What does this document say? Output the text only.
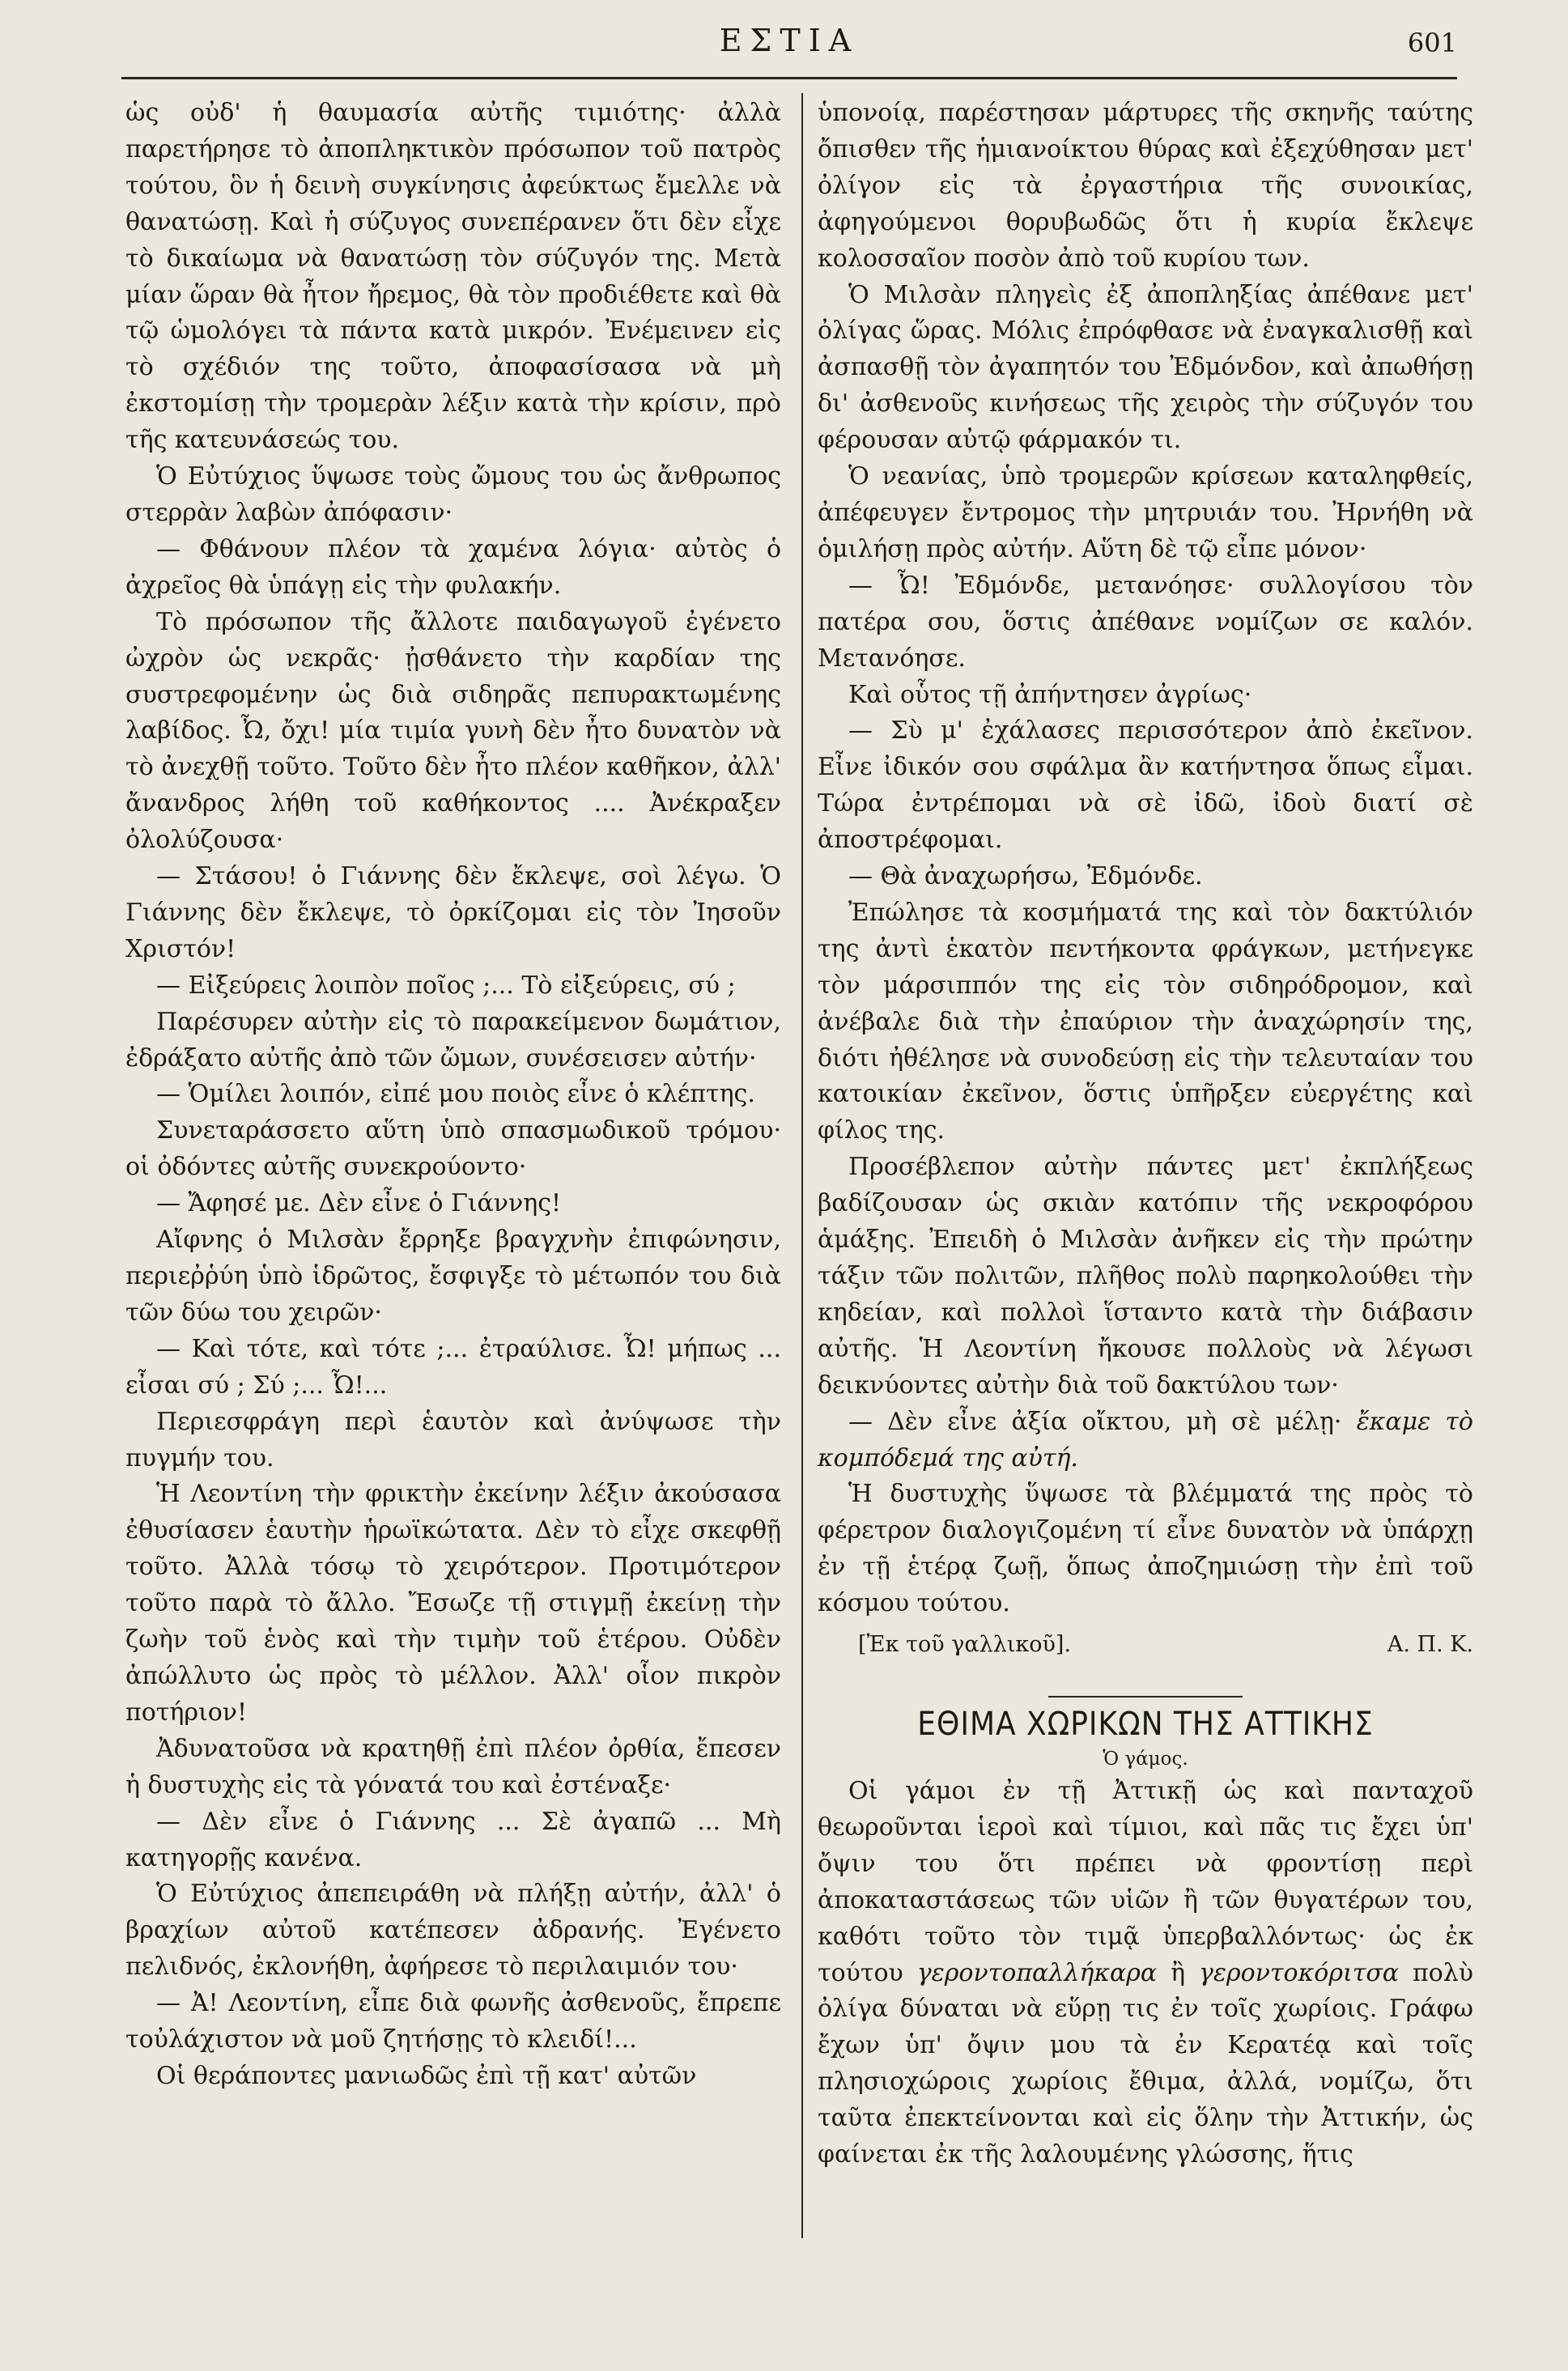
ΕΣΤΙΑ	601

ὡς οὐδ' ἡ θαυμασία αὐτῆς τιμιότης· ἀλλὰ παρετήρησε τὸ ἀποπληκτικὸν πρόσωπον τοῦ πατρὸς τούτου, ὃν ἡ δεινὴ συγκίνησις ἀφεύκτως ἔμελλε νὰ θανατώσῃ. Καὶ ἡ σύζυγος συνεπέρανεν ὅτι δὲν εἶχε τὸ δικαίωμα νὰ θανατώσῃ τὸν σύζυγόν της. Μετὰ μίαν ὥραν θὰ ἦτον ἤρεμος, θὰ τὸν προδιέθετε καὶ θὰ τῷ ὡμολόγει τὰ πάντα κατὰ μικρόν. Ἐνέμεινεν εἰς τὸ σχέδιόν της τοῦτο, ἀποφασίσασα νὰ μὴ ἐκστομίσῃ τὴν τρομερὰν λέξιν κατὰ τὴν κρίσιν, πρὸ τῆς κατευνάσεώς του.

Ὁ Εὐτύχιος ὕψωσε τοὺς ὤμους του ὡς ἄνθρωπος στερρὰν λαβὼν ἀπόφασιν·

— Φθάνουν πλέον τὰ χαμένα λόγια· αὐτὸς ὁ ἀχρεῖος θὰ ὑπάγῃ εἰς τὴν φυλακήν.

Τὸ πρόσωπον τῆς ἄλλοτε παιδαγωγοῦ ἐγένετο ὠχρὸν ὡς νεκρᾶς· ᾐσθάνετο τὴν καρδίαν της συστρεφομένην ὡς διὰ σιδηρᾶς πεπυρακτωμένης λαβίδος. Ὦ, ὄχι! μία τιμία γυνὴ δὲν ἦτο δυνατὸν νὰ τὸ ἀνεχθῇ τοῦτο. Τοῦτο δὲν ἦτο πλέον καθῆκον, ἀλλ' ἄνανδρος λήθη τοῦ καθήκοντος .... Ἀνέκραξεν ὀλολύζουσα·

— Στάσου! ὁ Γιάννης δὲν ἔκλεψε, σοὶ λέγω. Ὁ Γιάννης δὲν ἔκλεψε, τὸ ὀρκίζομαι εἰς τὸν Ἰησοῦν Χριστόν!

— Εἰξεύρεις λοιπὸν ποῖος ;... Τὸ εἰξεύρεις, σύ ;

Παρέσυρεν αὐτὴν εἰς τὸ παρακείμενον δωμάτιον, ἐδράξατο αὐτῆς ἀπὸ τῶν ὤμων, συνέσεισεν αὐτήν·

— Ὁμίλει λοιπόν, εἰπέ μου ποιὸς εἶνε ὁ κλέπτης.

Συνεταράσσετο αὕτη ὑπὸ σπασμωδικοῦ τρόμου· οἱ ὀδόντες αὐτῆς συνεκρούοντο·

— Ἄφησέ με. Δὲν εἶνε ὁ Γιάννης!

Αἴφνης ὁ Μιλσὰν ἔρρηξε βραγχνὴν ἐπιφώνησιν, περιεῤῥύη ὑπὸ ἱδρῶτος, ἔσφιγξε τὸ μέτωπόν του διὰ τῶν δύω του χειρῶν·

— Καὶ τότε, καὶ τότε ;... ἐτραύλισε. Ὦ! μήπως ... εἶσαι σύ ; Σύ ;... Ὦ!...

Περιεσφράγη περὶ ἑαυτὸν καὶ ἀνύψωσε τὴν πυγμήν του.

Ἡ Λεοντίνη τὴν φρικτὴν ἐκείνην λέξιν ἀκούσασα ἐθυσίασεν ἑαυτὴν ἡρωϊκώτατα. Δὲν τὸ εἶχε σκεφθῇ τοῦτο. Ἀλλὰ τόσῳ τὸ χειρότερον. Προτιμότερον τοῦτο παρὰ τὸ ἄλλο. Ἔσωζε τῇ στιγμῇ ἐκείνῃ τὴν ζωὴν τοῦ ἑνὸς καὶ τὴν τιμὴν τοῦ ἑτέρου. Οὐδὲν ἀπώλλυτο ὡς πρὸς τὸ μέλλον. Ἀλλ' οἷον πικρὸν ποτήριον!

Ἀδυνατοῦσα νὰ κρατηθῇ ἐπὶ πλέον ὀρθία, ἔπεσεν ἡ δυστυχὴς εἰς τὰ γόνατά του καὶ ἐστέναξε·

— Δὲν εἶνε ὁ Γιάννης ... Σὲ ἀγαπῶ ... Μὴ κατηγορῇς κανένα.

Ὁ Εὐτύχιος ἀπεπειράθη νὰ πλήξῃ αὐτήν, ἀλλ' ὁ βραχίων αὐτοῦ κατέπεσεν ἀδρανής. Ἐγένετο πελιδνός, ἐκλονήθη, ἀφήρεσε τὸ περιλαιμιόν του·

— Ἀ! Λεοντίνη, εἶπε διὰ φωνῆς ἀσθενοῦς, ἔπρεπε τοὐλάχιστον νὰ μοῦ ζητήσῃς τὸ κλειδί!...

Οἱ θεράποντες μανιωδῶς ἐπὶ τῇ κατ' αὐτῶν

ὑπονοίᾳ, παρέστησαν μάρτυρες τῆς σκηνῆς ταύτης ὄπισθεν τῆς ἡμιανοίκτου θύρας καὶ ἐξεχύθησαν μετ' ὀλίγον εἰς τὰ ἐργαστήρια τῆς συνοικίας, ἀφηγούμενοι θορυβωδῶς ὅτι ἡ κυρία ἔκλεψε κολοσσαῖον ποσὸν ἀπὸ τοῦ κυρίου των.

Ὁ Μιλσὰν πληγεὶς ἐξ ἀποπληξίας ἀπέθανε μετ' ὀλίγας ὥρας. Μόλις ἐπρόφθασε νὰ ἐναγκαλισθῇ καὶ ἀσπασθῇ τὸν ἀγαπητόν του Ἐδμόνδον, καὶ ἀπωθήσῃ δι' ἀσθενοῦς κινήσεως τῆς χειρὸς τὴν σύζυγόν του φέρουσαν αὐτῷ φάρμακόν τι.

Ὁ νεανίας, ὑπὸ τρομερῶν κρίσεων καταληφθείς, ἀπέφευγεν ἔντρομος τὴν μητρυιάν του. Ἠρνήθη νὰ ὁμιλήσῃ πρὸς αὐτήν. Αὕτη δὲ τῷ εἶπε μόνον·

— Ὦ! Ἐδμόνδε, μετανόησε· συλλογίσου τὸν πατέρα σου, ὅστις ἀπέθανε νομίζων σε καλόν. Μετανόησε.

Καὶ οὗτος τῇ ἀπήντησεν ἀγρίως·

— Σὺ μ' ἐχάλασες περισσότερον ἀπὸ ἐκεῖνον. Εἶνε ἰδικόν σου σφάλμα ἂν κατήντησα ὅπως εἶμαι. Τώρα ἐντρέπομαι νὰ σὲ ἰδῶ, ἰδοὺ διατί σὲ ἀποστρέφομαι.

— Θὰ ἀναχωρήσω, Ἐδμόνδε.

Ἐπώλησε τὰ κοσμήματά της καὶ τὸν δακτύλιόν της ἀντὶ ἑκατὸν πεντήκοντα φράγκων, μετήνεγκε τὸν μάρσιππόν της εἰς τὸν σιδηρόδρομον, καὶ ἀνέβαλε διὰ τὴν ἐπαύριον τὴν ἀναχώρησίν της, διότι ἠθέλησε νὰ συνοδεύσῃ εἰς τὴν τελευταίαν του κατοικίαν ἐκεῖνον, ὅστις ὑπῆρξεν εὐεργέτης καὶ φίλος της.

Προσέβλεπον αὐτὴν πάντες μετ' ἐκπλήξεως βαδίζουσαν ὡς σκιὰν κατόπιν τῆς νεκροφόρου ἁμάξης. Ἐπειδὴ ὁ Μιλσὰν ἀνῆκεν εἰς τὴν πρώτην τάξιν τῶν πολιτῶν, πλῆθος πολὺ παρηκολούθει τὴν κηδείαν, καὶ πολλοὶ ἵσταντο κατὰ τὴν διάβασιν αὐτῆς. Ἡ Λεοντίνη ἤκουσε πολλοὺς νὰ λέγωσι δεικνύοντες αὐτὴν διὰ τοῦ δακτύλου των·

— Δὲν εἶνε ἀξία οἴκτου, μὴ σὲ μέλῃ· ἔκαμε τὸ κομπόδεμά της αὐτή.

Ἡ δυστυχὴς ὕψωσε τὰ βλέμματά της πρὸς τὸ φέρετρον διαλογιζομένη τί εἶνε δυνατὸν νὰ ὑπάρχῃ ἐν τῇ ἑτέρᾳ ζωῇ, ὅπως ἀποζημιώσῃ τὴν ἐπὶ τοῦ κόσμου τούτου.

[Ἐκ τοῦ γαλλικοῦ].	Α. Π. Κ.
ΕΘΙΜΑ ΧΩΡΙΚΩΝ ΤΗΣ ΑΤΤΙΚΗΣ
Ὁ γάμος.

Οἱ γάμοι ἐν τῇ Ἀττικῇ ὡς καὶ πανταχοῦ θεωροῦνται ἱεροὶ καὶ τίμιοι, καὶ πᾶς τις ἔχει ὑπ' ὄψιν του ὅτι πρέπει νὰ φροντίσῃ περὶ ἀποκαταστάσεως τῶν υἱῶν ἢ τῶν θυγατέρων του, καθότι τοῦτο τὸν τιμᾷ ὑπερβαλλόντως· ὡς ἐκ τούτου γεροντοπαλλήκαρα ἢ γεροντοκόριτσα πολὺ ὀλίγα δύναται νὰ εὕρῃ τις ἐν τοῖς χωρίοις. Γράφω ἔχων ὑπ' ὄψιν μου τὰ ἐν Κερατέᾳ καὶ τοῖς πλησιοχώροις χωρίοις ἔθιμα, ἀλλά, νομίζω, ὅτι ταῦτα ἐπεκτείνονται καὶ εἰς ὅλην τὴν Ἀττικήν, ὡς φαίνεται ἐκ τῆς λαλουμένης γλώσσης, ἥτις
